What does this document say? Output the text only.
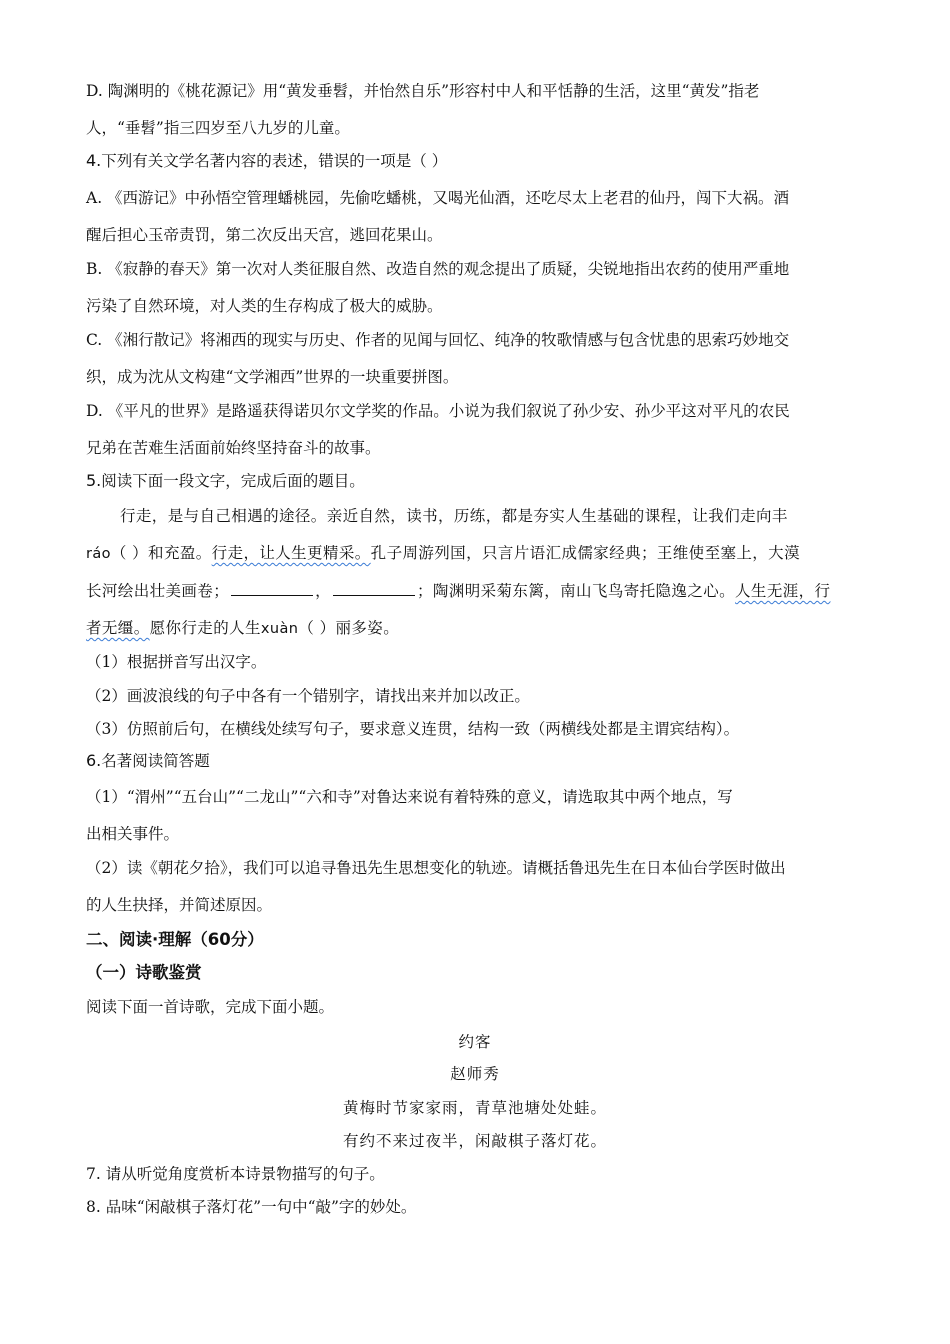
D. 陶渊明的《桃花源记》用“黄发垂髫，并怡然自乐”形容村中人和平恬静的生活，这里“黄发”指老
人，“垂髫”指三四岁至八九岁的儿童。
4.下列有关文学名著内容的表述，错误的一项是（ ）
A. 《西游记》中孙悟空管理蟠桃园，先偷吃蟠桃，又喝光仙酒，还吃尽太上老君的仙丹，闯下大祸。酒
醒后担心玉帝责罚，第二次反出天宫，逃回花果山。
B. 《寂静的春天》第一次对人类征服自然、改造自然的观念提出了质疑，尖锐地指出农药的使用严重地
污染了自然环境，对人类的生存构成了极大的威胁。
C. 《湘行散记》将湘西的现实与历史、作者的见闻与回忆、纯净的牧歌情感与包含忧患的思索巧妙地交
织，成为沈从文构建“文学湘西”世界的一块重要拼图。
D. 《平凡的世界》是路遥获得诺贝尔文学奖的作品。小说为我们叙说了孙少安、孙少平这对平凡的农民
兄弟在苦难生活面前始终坚持奋斗的故事。
5.阅读下面一段文字，完成后面的题目。
行走，是与自己相遇的途径。亲近自然，读书，历练，都是夯实人生基础的课程，让我们走向丰
ráo（ ）和充盈。行走，让人生更精采。孔子周游列国，只言片语汇成儒家经典；王维使至塞上，大漠
长河绘出壮美画卷；	，	；陶渊明采菊东篱，南山飞鸟寄托隐逸之心。人生无涯，行
者无缰。愿你行走的人生xuàn（ ）丽多姿。
（1）根据拼音写出汉字。
（2）画波浪线的句子中各有一个错别字，请找出来并加以改正。
（3）仿照前后句，在横线处续写句子，要求意义连贯，结构一致（两横线处都是主谓宾结构）。
6.名著阅读简答题
（1）“渭州”“五台山”“二龙山”“六和寺”对鲁达来说有着特殊的意义，请选取其中两个地点，写
出相关事件。
（2）读《朝花夕拾》，我们可以追寻鲁迅先生思想变化的轨迹。请概括鲁迅先生在日本仙台学医时做出
的人生抉择，并简述原因。
二、阅读·理解（60分）
（一）诗歌鉴赏
阅读下面一首诗歌，完成下面小题。
约客
赵师秀
黄梅时节家家雨，青草池塘处处蛙。
有约不来过夜半，闲敲棋子落灯花。
7. 请从听觉角度赏析本诗景物描写的句子。
8. 品味“闲敲棋子落灯花”一句中“敲”字的妙处。
